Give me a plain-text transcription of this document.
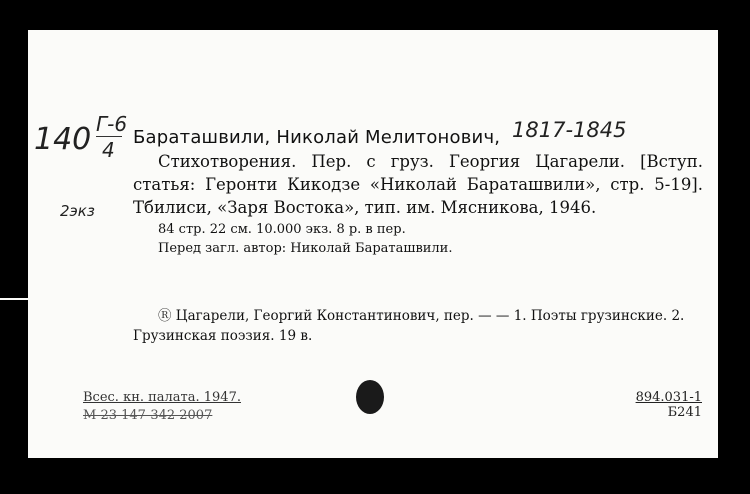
140 Г-6
4
2экз
Бараташвили, Николай Мелитонович, 1817-1845

Стихотворения. Пер. с груз. Георгия Цагарели. [Вступ. статья: Геронти Кикодзе «Николай Бараташвили», стр. 5-19]. Тбилиси, «Заря Востока», тип. им. Мясникова, 1946.

84 стр. 22 см. 10.000 экз. 8 р. в пер.
Перед загл. автор: Николай Бараташвили.
Ⓡ Цагарели, Георгий Константинович, пер. — — 1. Поэты грузинские. 2. Грузинская поэзия. 19 в.
Всес. кн. палата. 1947.
М 23 147-342 2007
894.031-1
Б241
